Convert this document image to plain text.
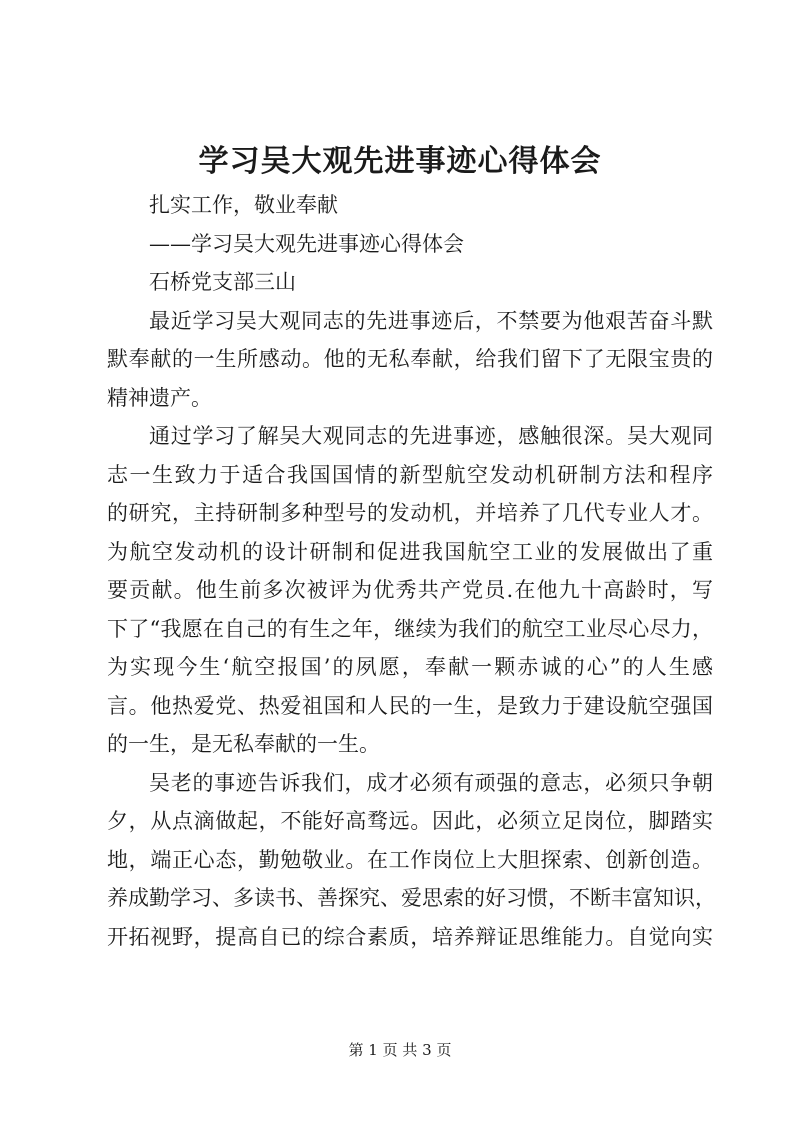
学习吴大观先进事迹心得体会
扎实工作，敬业奉献
——学习吴大观先进事迹心得体会
石桥党支部三山
最近学习吴大观同志的先进事迹后，不禁要为他艰苦奋斗默
默奉献的一生所感动。他的无私奉献，给我们留下了无限宝贵的
精神遗产。
通过学习了解吴大观同志的先进事迹，感触很深。吴大观同
志一生致力于适合我国国情的新型航空发动机研制方法和程序
的研究，主持研制多种型号的发动机，并培养了几代专业人才。
为航空发动机的设计研制和促进我国航空工业的发展做出了重
要贡献。他生前多次被评为优秀共产党员.在他九十高龄时，写
下了“我愿在自己的有生之年，继续为我们的航空工业尽心尽力，
为实现今生‘航空报国’的夙愿，奉献一颗赤诚的心”的人生感
言。他热爱党、热爱祖国和人民的一生，是致力于建设航空强国
的一生，是无私奉献的一生。
吴老的事迹告诉我们，成才必须有顽强的意志，必须只争朝
夕，从点滴做起，不能好高骛远。因此，必须立足岗位，脚踏实
地，端正心态，勤勉敬业。在工作岗位上大胆探索、创新创造。
养成勤学习、多读书、善探究、爱思索的好习惯，不断丰富知识，
开拓视野，提高自已的综合素质，培养辩证思维能力。自觉向实
第 1 页 共 3 页
